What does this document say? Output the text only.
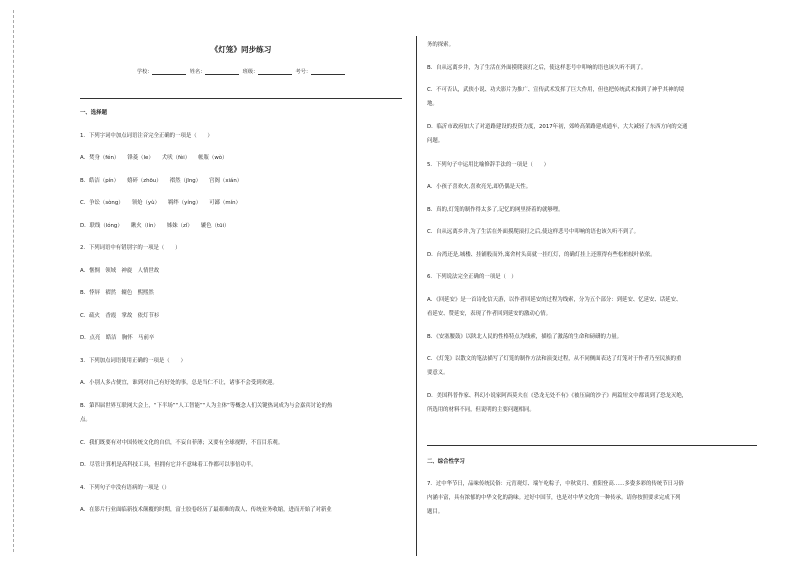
《灯笼》同步练习
学校：	姓名：	班级：	考号：
一、选择题
1．下列字词中加点词语注音完全正确的一项是（　　）
A．焚身（fén）　　锋菱（le）　　犬吠（fèi）　　帐瓶（wò）
B．皓洁（pín）　　嬉碎（zhōu）　　褶然（jīng）　　宫阁（xián）
C．争讼（sòng）　　领炝（yù）　　羁绊（yíng）　　可鄙（mín）
D．联线（lóng）　　瞅火（lín）　　姊妹（zǐ）　　辘色（tūi）
2．下列词语中有错别字的一项是（　　）
A．惬惆　领域　神旋　人情世故
B．悖屏　褶然　辘色　熙熙然
C．疏火　香霞　掌故　依灯节衫
D．点亮　皓洁　胸怀　马前卒
3．下列加点词语使用正确的一项是（　　）
A．小别人多占便宜，谁到对自己有好处的事，总是当仁不让，诸事不会受到欢迎。
B．第四届世界互联网大会上，“下半场”“人工智能”“人为主体”等概念人们关键热词成为与会嘉宾讨论的热
点。
C．我们既要有对中国传统文化的自信，不妄自菲薄；又要有全球视野，不盲目乐观。
D．尽管计算机是高科技工具，但拥有它并不意味着工作都可以事倍功半。
4．下列句子中没有语病的一项是（）
A．在影片行业面临新技术颠覆的时期，富士胶卷经历了最艰难的裁人、传统业务收缩，进而开始了对新业
务的探索。
B．自从远离乡井，为了生活在外面摸爬滚打之后，使这样悲号中叩响的语也该久听不到了。
C．不可否认，武侠小说、功夫影片为推广、宣传武术发挥了巨大作用，但也把传统武术推到了神乎其神的境
地。
D．临沂市政府加大了对道路建设的投资力度，2017年初，郊岭高架路建成通车，大大减轻了东西方向的交通
问题。
5．下列句子中运用比喻修辞手法的一项是（　　）
A．小孩子喜欢火,喜欢亮光,却仍偶是天性。
B．真的,灯笼的制作得太多了,记忆的网里挤着的就够哩。
C．自从远离乡井,为了生活在外面摸爬滚打之后,使这样悲号中叩响的语也该久听不到了。
D．台湾还是,城楼、挂铺般而外,寓舍村头高就一挂红灯，的确灯挂上还照得有些松柏枝叶依依。
6．下列说法完全正确的一项是（　）
A．《回延安》是一首诗化信天游，以作者回延安的过程为线索，分为五个部分：到延安、忆延安、话延安、
看延安、赞延安，表现了作者回到延安的激动心情。
B．《安塞腰鼓》以陕北人民的性格特点为线索，描绘了激荡的生命和磅礴的力量。
C．《灯笼》以散文的笔法描写了灯笼的制作方法和演变过程，从不同侧面表达了灯笼对于作者乃至民族的重
要意义。
D．美国科普作家、科幻小说家阿西莫夫在《恐龙无处不有》《被压扁的沙子》两篇短文中都谈到了恐龙灭绝，
所选用的材料不同，但说明的主要问题相同。
二、综合性学习
7．过中华节日，品味传统民俗：元宵观灯、端午吃粽子，中秋赏月、重阳登高……多姿多彩的传统节日习俗
内涵丰富，具有浓郁的中华文化的韵味。过好中国节，也是对中华文化的一种传承。请你按照要求完成下列
题目。
